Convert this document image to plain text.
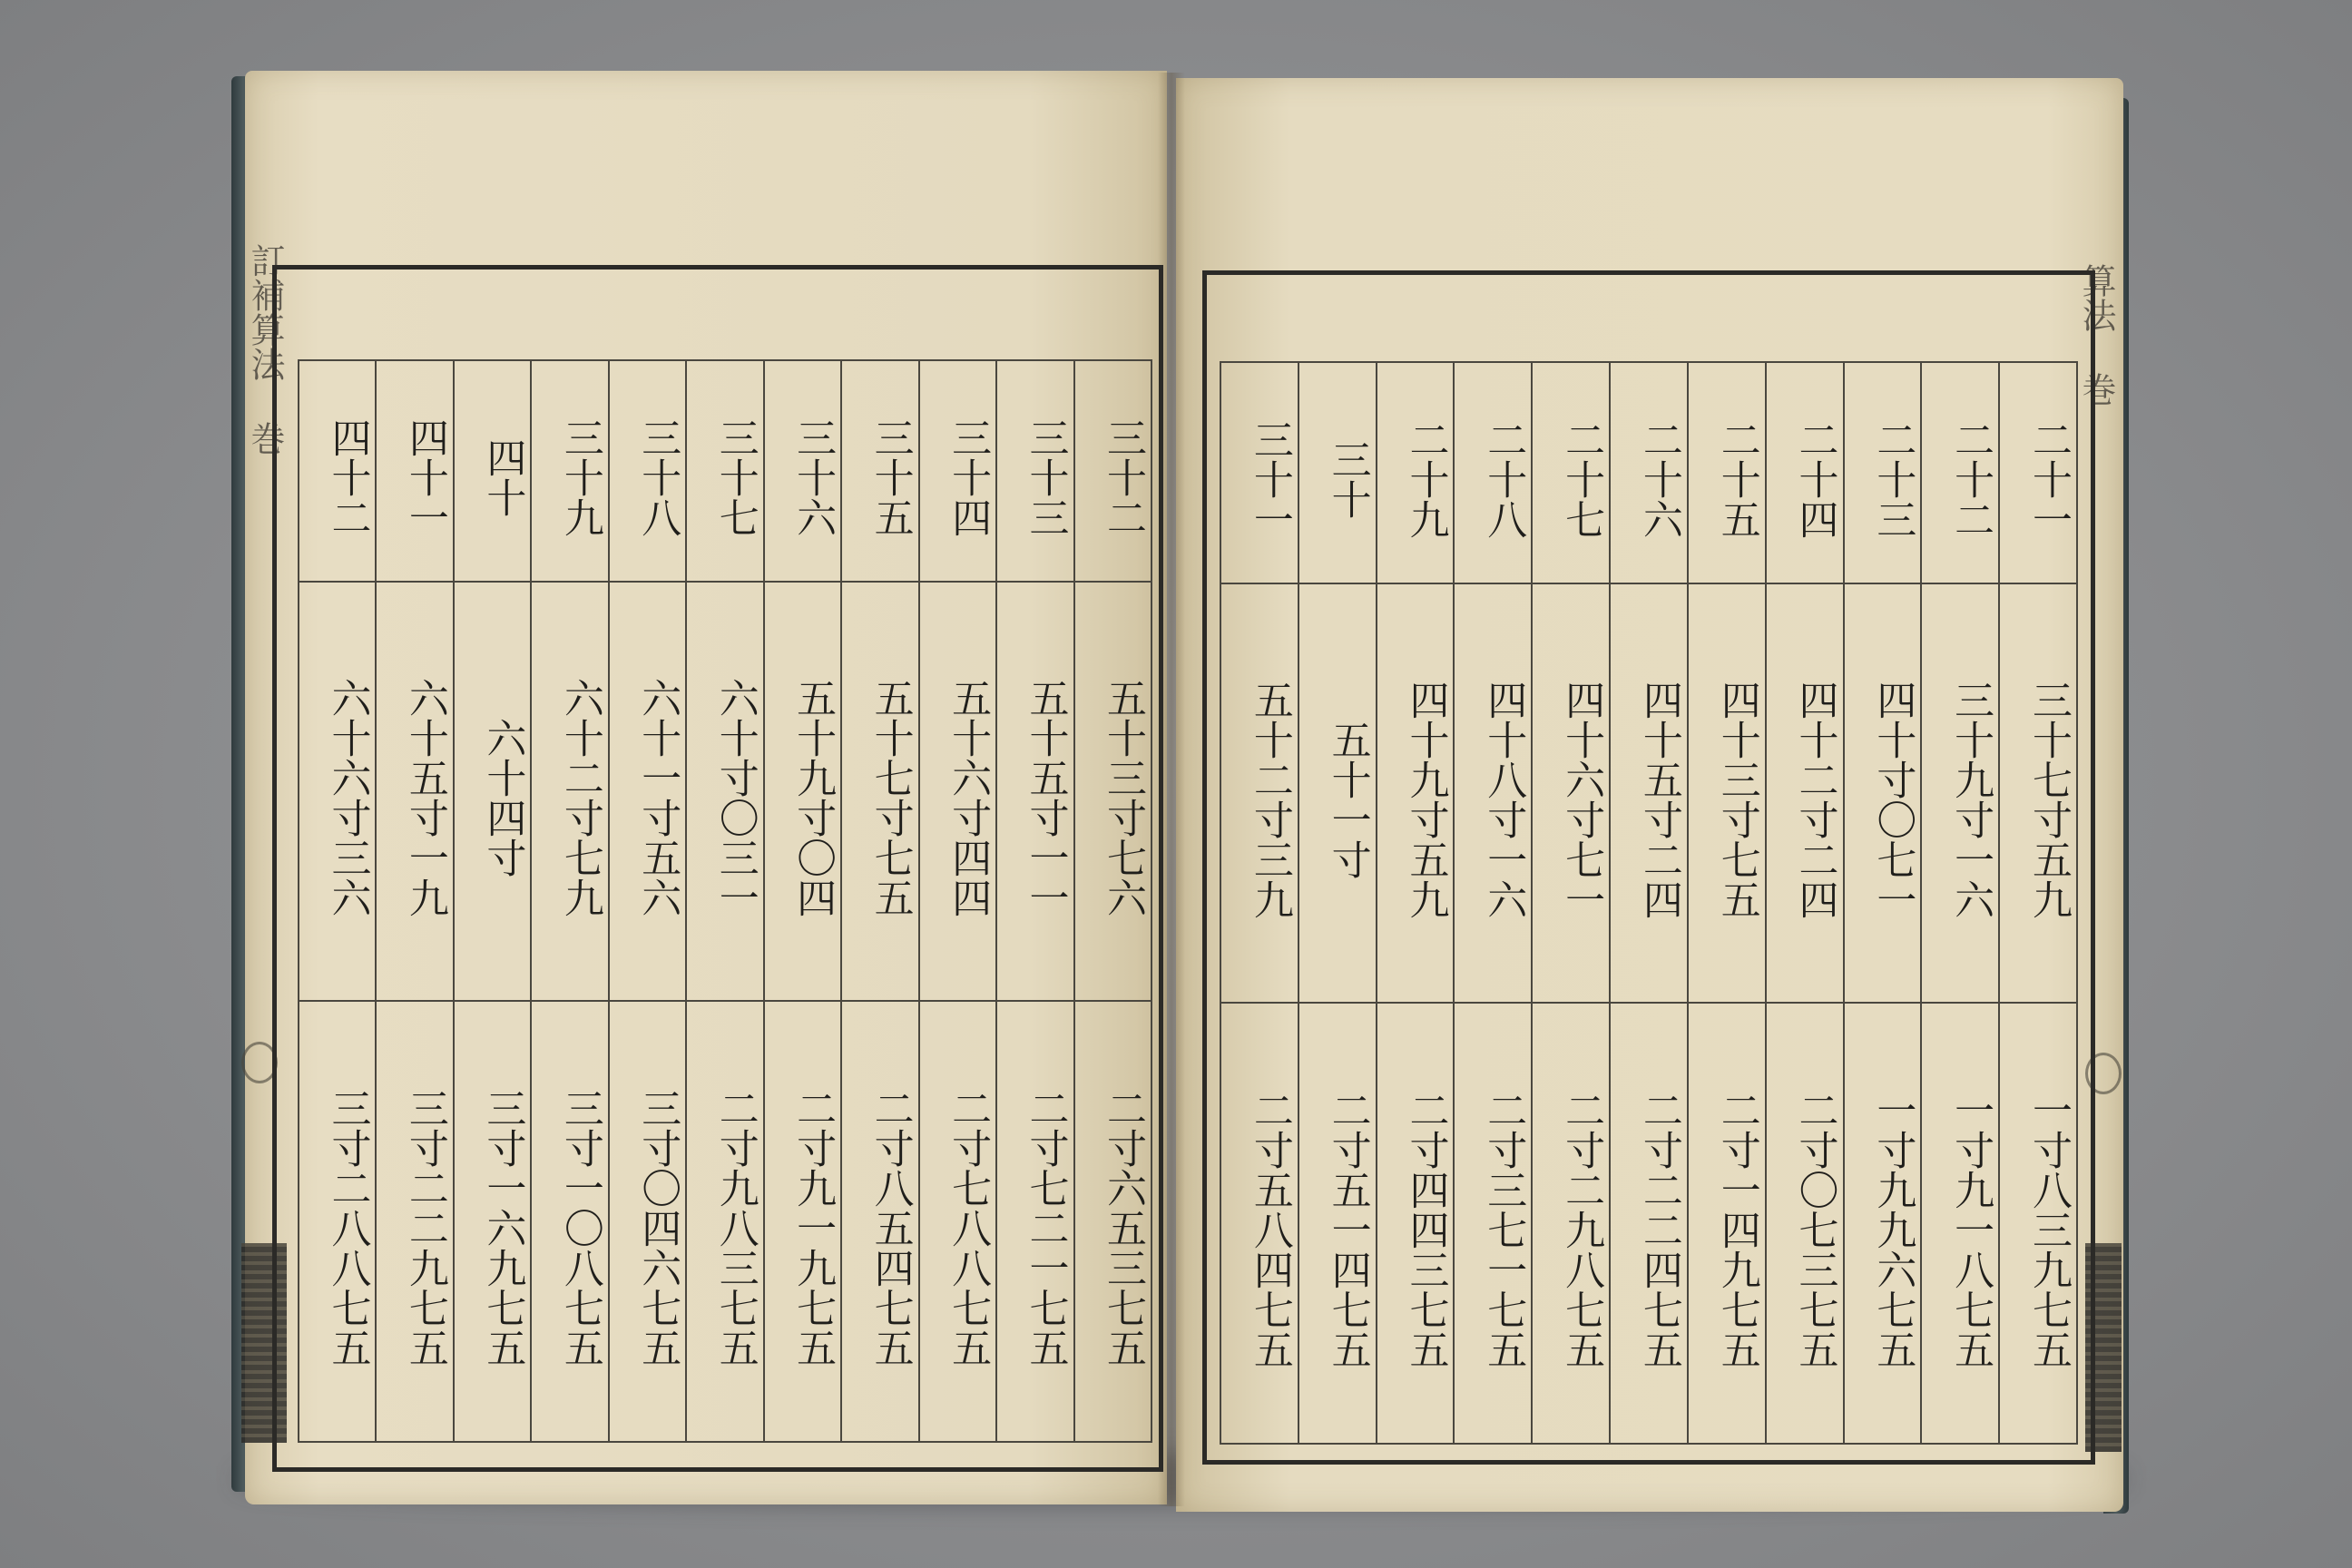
訂補算法 巻	算法 巻
四十二	四十一	四十	三十九	三十八	三十七	三十六	三十五	三十四	三十三	三十二
六十六寸三六	六十五寸一九	六十四寸	六十二寸七九	六十一寸五六	六十寸〇三一	五十九寸〇四	五十七寸七五	五十六寸四四	五十五寸一一	五十三寸七六
三寸二八八七五	三寸二二九七五	三寸一六九七五	三寸一〇八七五	三寸〇四六七五	二寸九八三七五	二寸九一九七五	二寸八五四七五	二寸七八八七五	二寸七二一七五	二寸六五三七五
三十一	三十	二十九	二十八	二十七	二十六	二十五	二十四	二十三	二十二	二十一
五十二寸三九	五十一寸	四十九寸五九	四十八寸一六	四十六寸七一	四十五寸二四	四十三寸七五	四十二寸二四	四十寸〇七一	三十九寸一六	三十七寸五九
二寸五八四七五	二寸五一四七五	二寸四四三七五	二寸三七一七五	二寸二九八七五	二寸二二四七五	二寸一四九七五	二寸〇七三七五	一寸九九六七五	一寸九一八七五	一寸八三九七五
